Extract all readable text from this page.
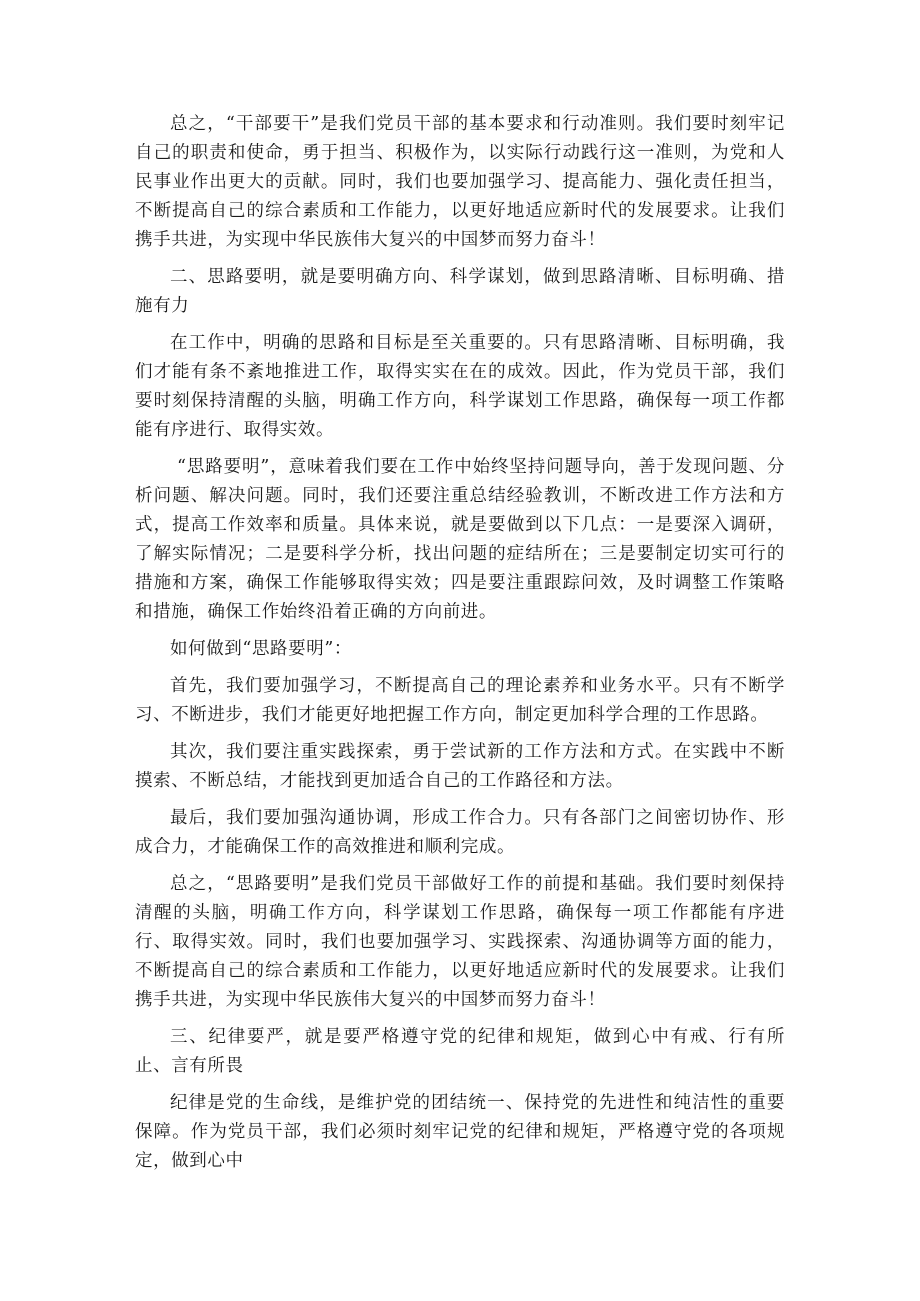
总之，“干部要干”是我们党员干部的基本要求和行动准则。我们要时刻牢记自己的职责和使命，勇于担当、积极作为，以实际行动践行这一准则，为党和人民事业作出更大的贡献。同时，我们也要加强学习、提高能力、强化责任担当，不断提高自己的综合素质和工作能力，以更好地适应新时代的发展要求。让我们携手共进，为实现中华民族伟大复兴的中国梦而努力奋斗！

二、思路要明，就是要明确方向、科学谋划，做到思路清晰、目标明确、措施有力

在工作中，明确的思路和目标是至关重要的。只有思路清晰、目标明确，我们才能有条不紊地推进工作，取得实实在在的成效。因此，作为党员干部，我们要时刻保持清醒的头脑，明确工作方向，科学谋划工作思路，确保每一项工作都能有序进行、取得实效。

“思路要明”，意味着我们要在工作中始终坚持问题导向，善于发现问题、分析问题、解决问题。同时，我们还要注重总结经验教训，不断改进工作方法和方式，提高工作效率和质量。具体来说，就是要做到以下几点：一是要深入调研，了解实际情况；二是要科学分析，找出问题的症结所在；三是要制定切实可行的措施和方案，确保工作能够取得实效；四是要注重跟踪问效，及时调整工作策略和措施，确保工作始终沿着正确的方向前进。

如何做到“思路要明”：

首先，我们要加强学习，不断提高自己的理论素养和业务水平。只有不断学习、不断进步，我们才能更好地把握工作方向，制定更加科学合理的工作思路。

其次，我们要注重实践探索，勇于尝试新的工作方法和方式。在实践中不断摸索、不断总结，才能找到更加适合自己的工作路径和方法。

最后，我们要加强沟通协调，形成工作合力。只有各部门之间密切协作、形成合力，才能确保工作的高效推进和顺利完成。

总之，“思路要明”是我们党员干部做好工作的前提和基础。我们要时刻保持清醒的头脑，明确工作方向，科学谋划工作思路，确保每一项工作都能有序进行、取得实效。同时，我们也要加强学习、实践探索、沟通协调等方面的能力，不断提高自己的综合素质和工作能力，以更好地适应新时代的发展要求。让我们携手共进，为实现中华民族伟大复兴的中国梦而努力奋斗！

三、纪律要严，就是要严格遵守党的纪律和规矩，做到心中有戒、行有所止、言有所畏

纪律是党的生命线，是维护党的团结统一、保持党的先进性和纯洁性的重要保障。作为党员干部，我们必须时刻牢记党的纪律和规矩，严格遵守党的各项规定，做到心中
